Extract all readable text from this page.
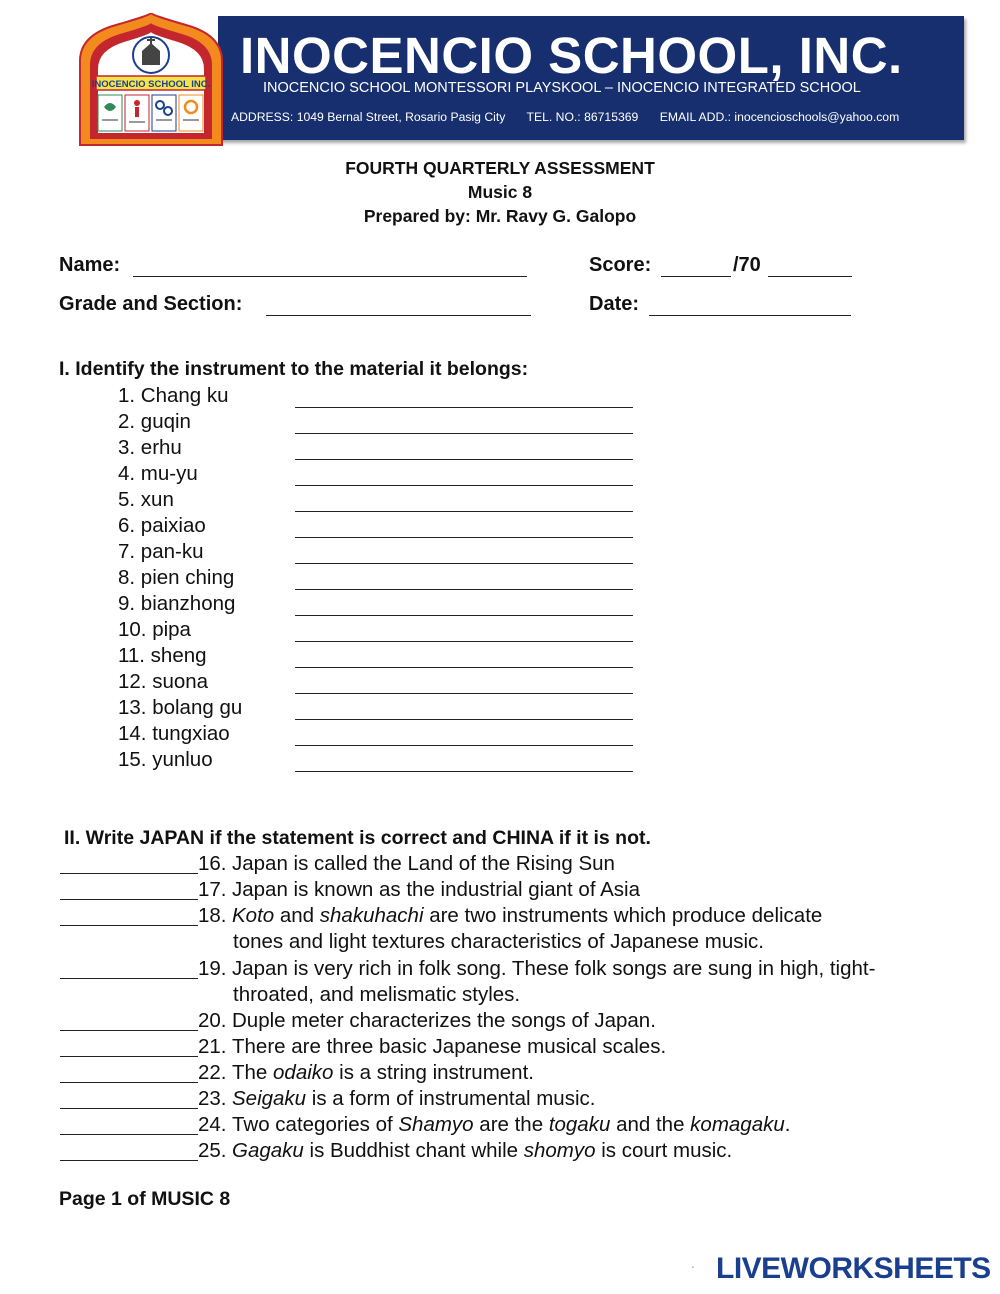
INOCENCIO SCHOOL, INC.
INOCENCIO SCHOOL MONTESSORI PLAYSKOOL – INOCENCIO INTEGRATED SCHOOL
ADDRESS: 1049 Bernal Street, Rosario Pasig City TEL. NO.: 86715369 EMAIL ADD.: inocencioschools@yahoo.com
INOCENCIO SCHOOL INC.
FOURTH QUARTERLY ASSESSMENT
Music 8
Prepared by: Mr. Ravy G. Galopo
Name:	Score:	/70
Grade and Section:	Date:
I. Identify the instrument to the material it belongs:
1. Chang ku
2. guqin
3. erhu
4. mu-yu
5. xun
6. paixiao
7. pan-ku
8. pien ching
9. bianzhong
10. pipa
11. sheng
12. suona
13. bolang gu
14. tungxiao
15. yunluo
II. Write JAPAN if the statement is correct and CHINA if it is not.
16. Japan is called the Land of the Rising Sun
17. Japan is known as the industrial giant of Asia
18. Koto and shakuhachi are two instruments which produce delicate
tones and light textures characteristics of Japanese music.
19. Japan is very rich in folk song. These folk songs are sung in high, tight-
throated, and melismatic styles.
20. Duple meter characterizes the songs of Japan.
21. There are three basic Japanese musical scales.
22. The odaiko is a string instrument.
23. Seigaku is a form of instrumental music.
24. Two categories of Shamyo are the togaku and the komagaku.
25. Gagaku is Buddhist chant while shomyo is court music.
Page 1 of MUSIC 8
LIVEWORKSHEETS
